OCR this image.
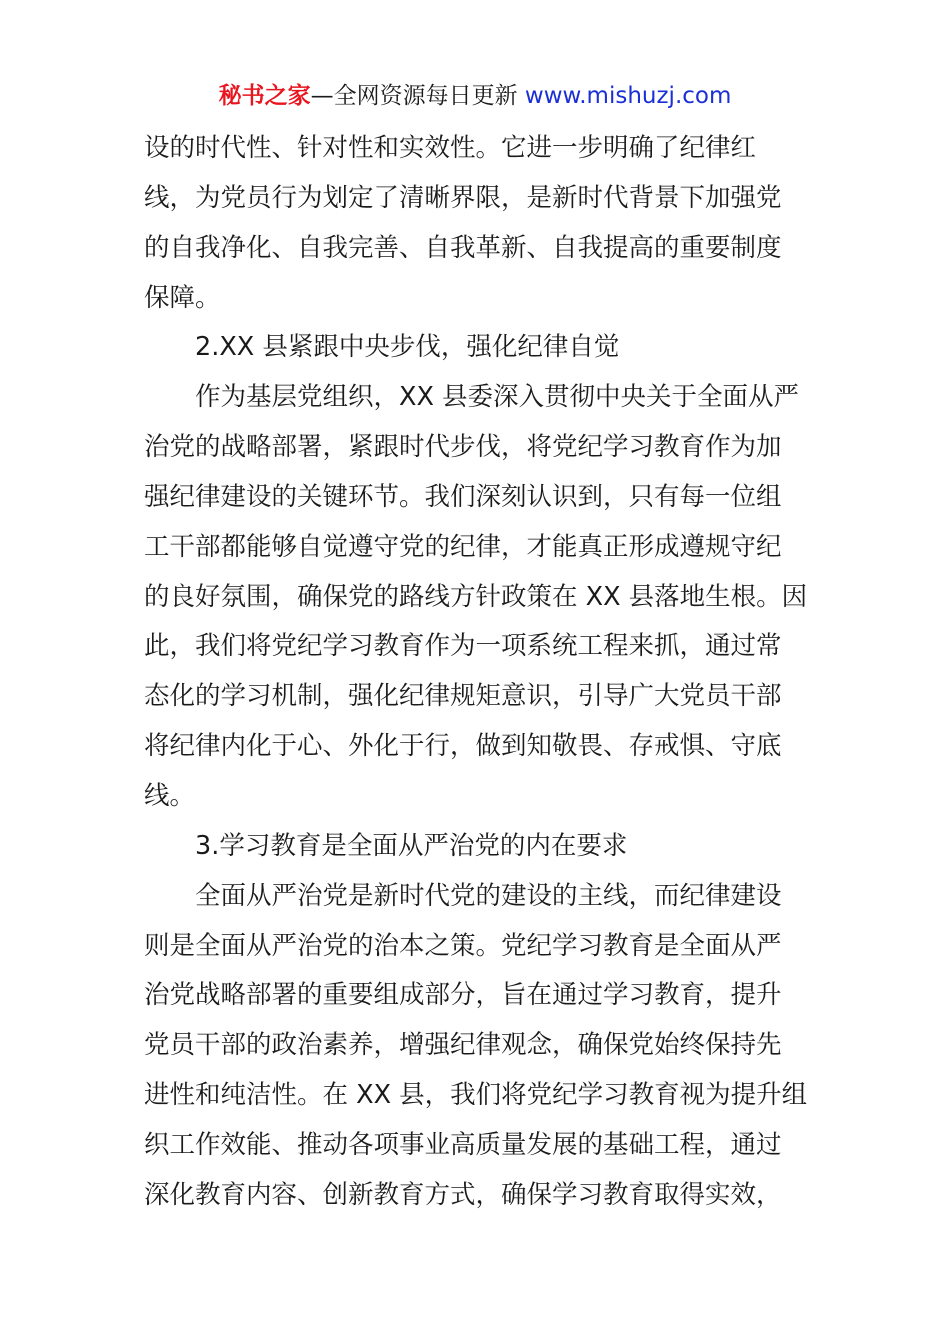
秘书之家—全网资源每日更新 www.mishuzj.com
设的时代性、针对性和实效性。它进一步明确了纪律红
线，为党员行为划定了清晰界限，是新时代背景下加强党
的自我净化、自我完善、自我革新、自我提高的重要制度
保障。
2.XX 县紧跟中央步伐，强化纪律自觉
作为基层党组织，XX 县委深入贯彻中央关于全面从严
治党的战略部署，紧跟时代步伐，将党纪学习教育作为加
强纪律建设的关键环节。我们深刻认识到，只有每一位组
工干部都能够自觉遵守党的纪律，才能真正形成遵规守纪
的良好氛围，确保党的路线方针政策在 XX 县落地生根。因
此，我们将党纪学习教育作为一项系统工程来抓，通过常
态化的学习机制，强化纪律规矩意识，引导广大党员干部
将纪律内化于心、外化于行，做到知敬畏、存戒惧、守底
线。
3.学习教育是全面从严治党的内在要求
全面从严治党是新时代党的建设的主线，而纪律建设
则是全面从严治党的治本之策。党纪学习教育是全面从严
治党战略部署的重要组成部分，旨在通过学习教育，提升
党员干部的政治素养，增强纪律观念，确保党始终保持先
进性和纯洁性。在 XX 县，我们将党纪学习教育视为提升组
织工作效能、推动各项事业高质量发展的基础工程，通过
深化教育内容、创新教育方式，确保学习教育取得实效，
